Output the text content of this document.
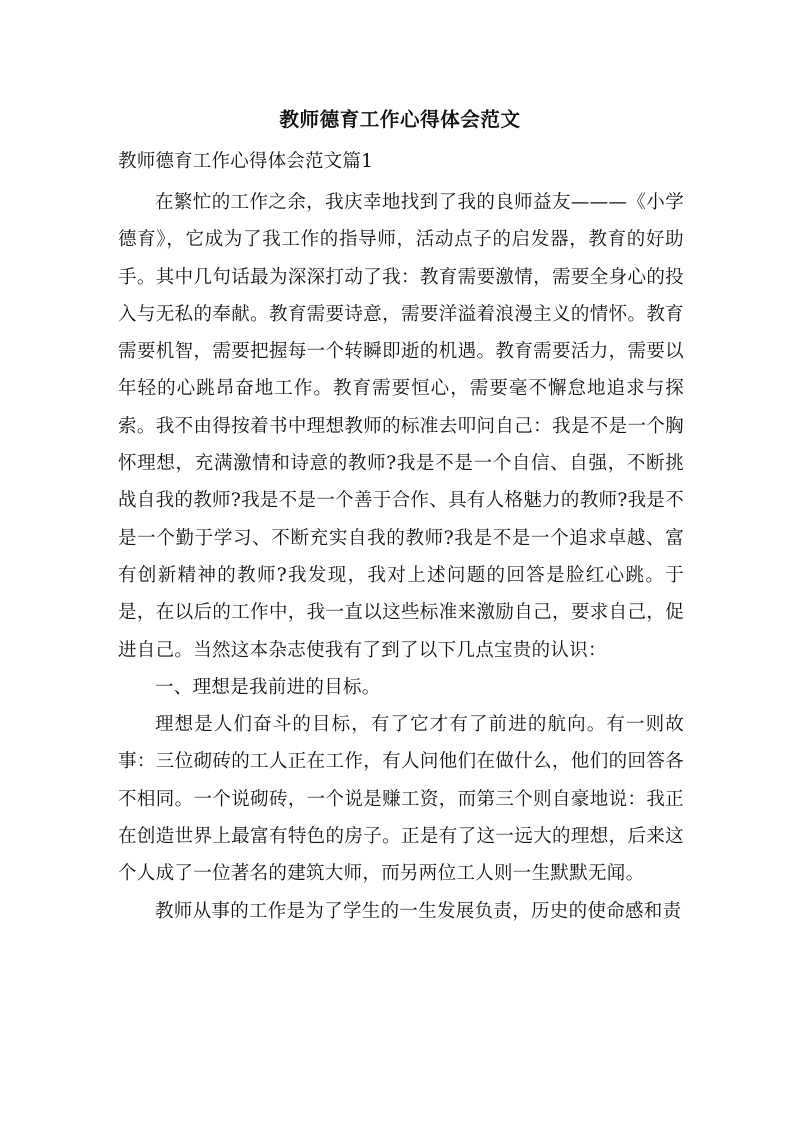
教师德育工作心得体会范文
教师德育工作心得体会范文篇1

在繁忙的工作之余，我庆幸地找到了我的良师益友———《小学德育》，它成为了我工作的指导师，活动点子的启发器，教育的好助手。其中几句话最为深深打动了我：教育需要激情，需要全身心的投入与无私的奉献。教育需要诗意，需要洋溢着浪漫主义的情怀。教育需要机智，需要把握每一个转瞬即逝的机遇。教育需要活力，需要以年轻的心跳昂奋地工作。教育需要恒心，需要毫不懈怠地追求与探索。我不由得按着书中理想教师的标准去叩问自己：我是不是一个胸怀理想，充满激情和诗意的教师?我是不是一个自信、自强，不断挑战自我的教师?我是不是一个善于合作、具有人格魅力的教师?我是不是一个勤于学习、不断充实自我的教师?我是不是一个追求卓越、富有创新精神的教师?我发现，我对上述问题的回答是脸红心跳。于是，在以后的工作中，我一直以这些标准来激励自己，要求自己，促进自己。当然这本杂志使我有了到了以下几点宝贵的认识：

一、理想是我前进的目标。

理想是人们奋斗的目标，有了它才有了前进的航向。有一则故事：三位砌砖的工人正在工作，有人问他们在做什么，他们的回答各不相同。一个说砌砖，一个说是赚工资，而第三个则自豪地说：我正在创造世界上最富有特色的房子。正是有了这一远大的理想，后来这个人成了一位著名的建筑大师，而另两位工人则一生默默无闻。

教师从事的工作是为了学生的一生发展负责，历史的使命感和责
